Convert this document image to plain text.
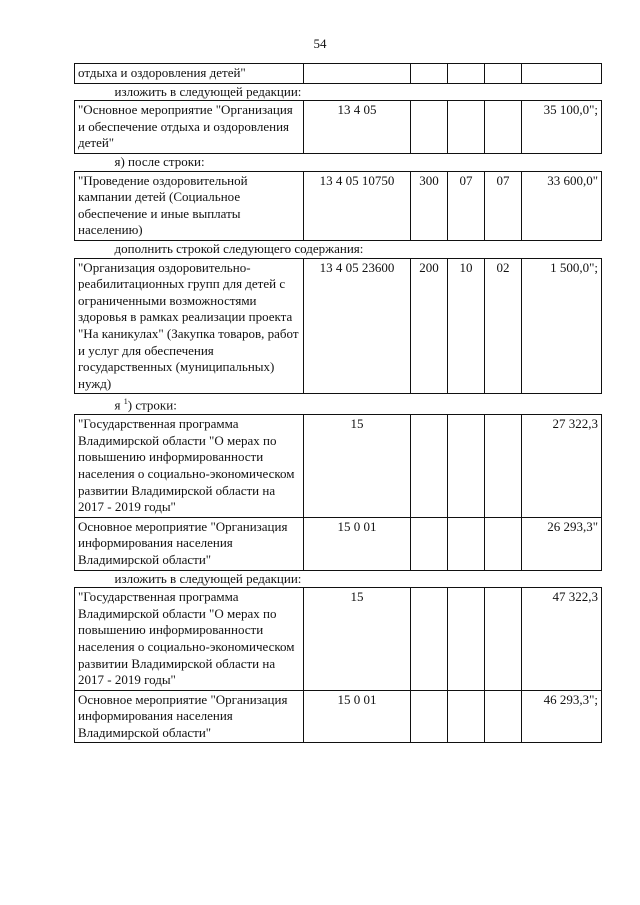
54
отдыха и оздоровления детей"					
изложить в следующей редакции:					
"Основное мероприятие "Организация и обеспечение отдыха и оздоровления детей"	13 4 05				35 100,0";
я) после строки:					
"Проведение оздоровительной кампании детей (Социальное обеспечение и иные выплаты населению)	13 4 05 10750	300	07	07	33 600,0"
дополнить строкой следующего содержания:					
"Организация оздоровительно-реабилитационных групп для детей с ограниченными возможностями здоровья в рамках реализации проекта "На каникулах" (Закупка товаров, работ и услуг для обеспечения государственных (муниципальных) нужд)	13 4 05 23600	200	10	02	1 500,0";
я $^1$) строки:					
"Государственная программа Владимирской области "О мерах по повышению информированности населения о социально-экономическом развитии Владимирской области на 2017 - 2019 годы"	15				27 322,3
Основное мероприятие "Организация информирования населения Владимирской области"	15 0 01				26 293,3"
изложить в следующей редакции:					
"Государственная программа Владимирской области "О мерах по повышению информированности населения о социально-экономическом развитии Владимирской области на 2017 - 2019 годы"	15				47 322,3
Основное мероприятие "Организация информирования населения Владимирской области"	15 0 01				46 293,3";
